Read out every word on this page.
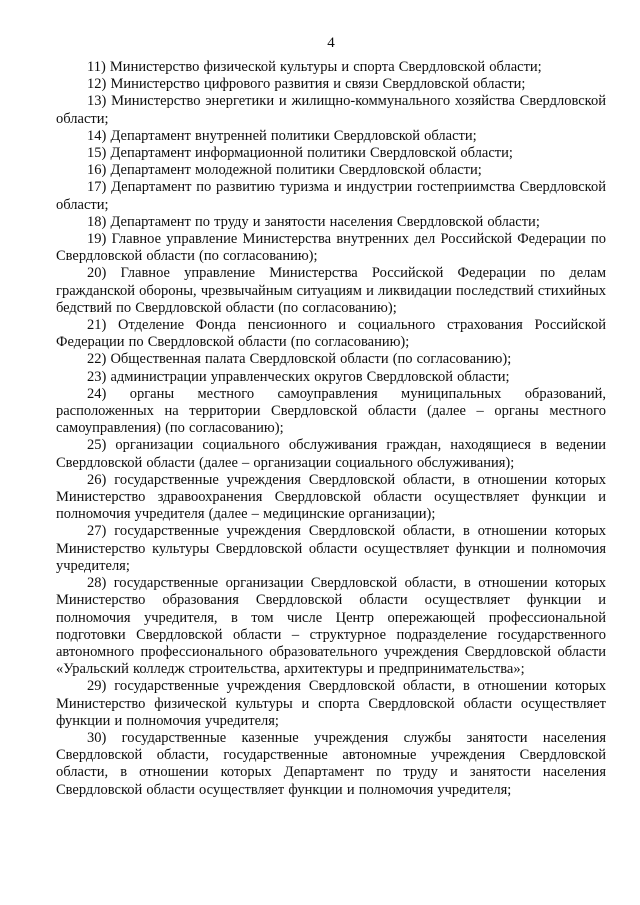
4

11) Министерство физической культуры и спорта Свердловской области;

12) Министерство цифрового развития и связи Свердловской области;

13) Министерство энергетики и жилищно-коммунального хозяйства Свердловской области;

14) Департамент внутренней политики Свердловской области;

15) Департамент информационной политики Свердловской области;

16) Департамент молодежной политики Свердловской области;

17) Департамент по развитию туризма и индустрии гостеприимства Свердловской области;

18) Департамент по труду и занятости населения Свердловской области;

19) Главное управление Министерства внутренних дел Российской Федерации по Свердловской области (по согласованию);

20) Главное управление Министерства Российской Федерации по делам гражданской обороны, чрезвычайным ситуациям и ликвидации последствий стихийных бедствий по Свердловской области (по согласованию);

21) Отделение Фонда пенсионного и социального страхования Российской Федерации по Свердловской области (по согласованию);

22) Общественная палата Свердловской области (по согласованию);

23) администрации управленческих округов Свердловской области;

24) органы местного самоуправления муниципальных образований, расположенных на территории Свердловской области (далее – органы местного самоуправления) (по согласованию);

25) организации социального обслуживания граждан, находящиеся в ведении Свердловской области (далее – организации социального обслуживания);

26) государственные учреждения Свердловской области, в отношении которых Министерство здравоохранения Свердловской области осуществляет функции и полномочия учредителя (далее – медицинские организации);

27) государственные учреждения Свердловской области, в отношении которых Министерство культуры Свердловской области осуществляет функции и полномочия учредителя;

28) государственные организации Свердловской области, в отношении которых Министерство образования Свердловской области осуществляет функции и полномочия учредителя, в том числе Центр опережающей профессиональной подготовки Свердловской области – структурное подразделение государственного автономного профессионального образовательного учреждения Свердловской области «Уральский колледж строительства, архитектуры и предпринимательства»;

29) государственные учреждения Свердловской области, в отношении которых Министерство физической культуры и спорта Свердловской области осуществляет функции и полномочия учредителя;

30) государственные казенные учреждения службы занятости населения Свердловской области, государственные автономные учреждения Свердловской области, в отношении которых Департамент по труду и занятости населения Свердловской области осуществляет функции и полномочия учредителя;
